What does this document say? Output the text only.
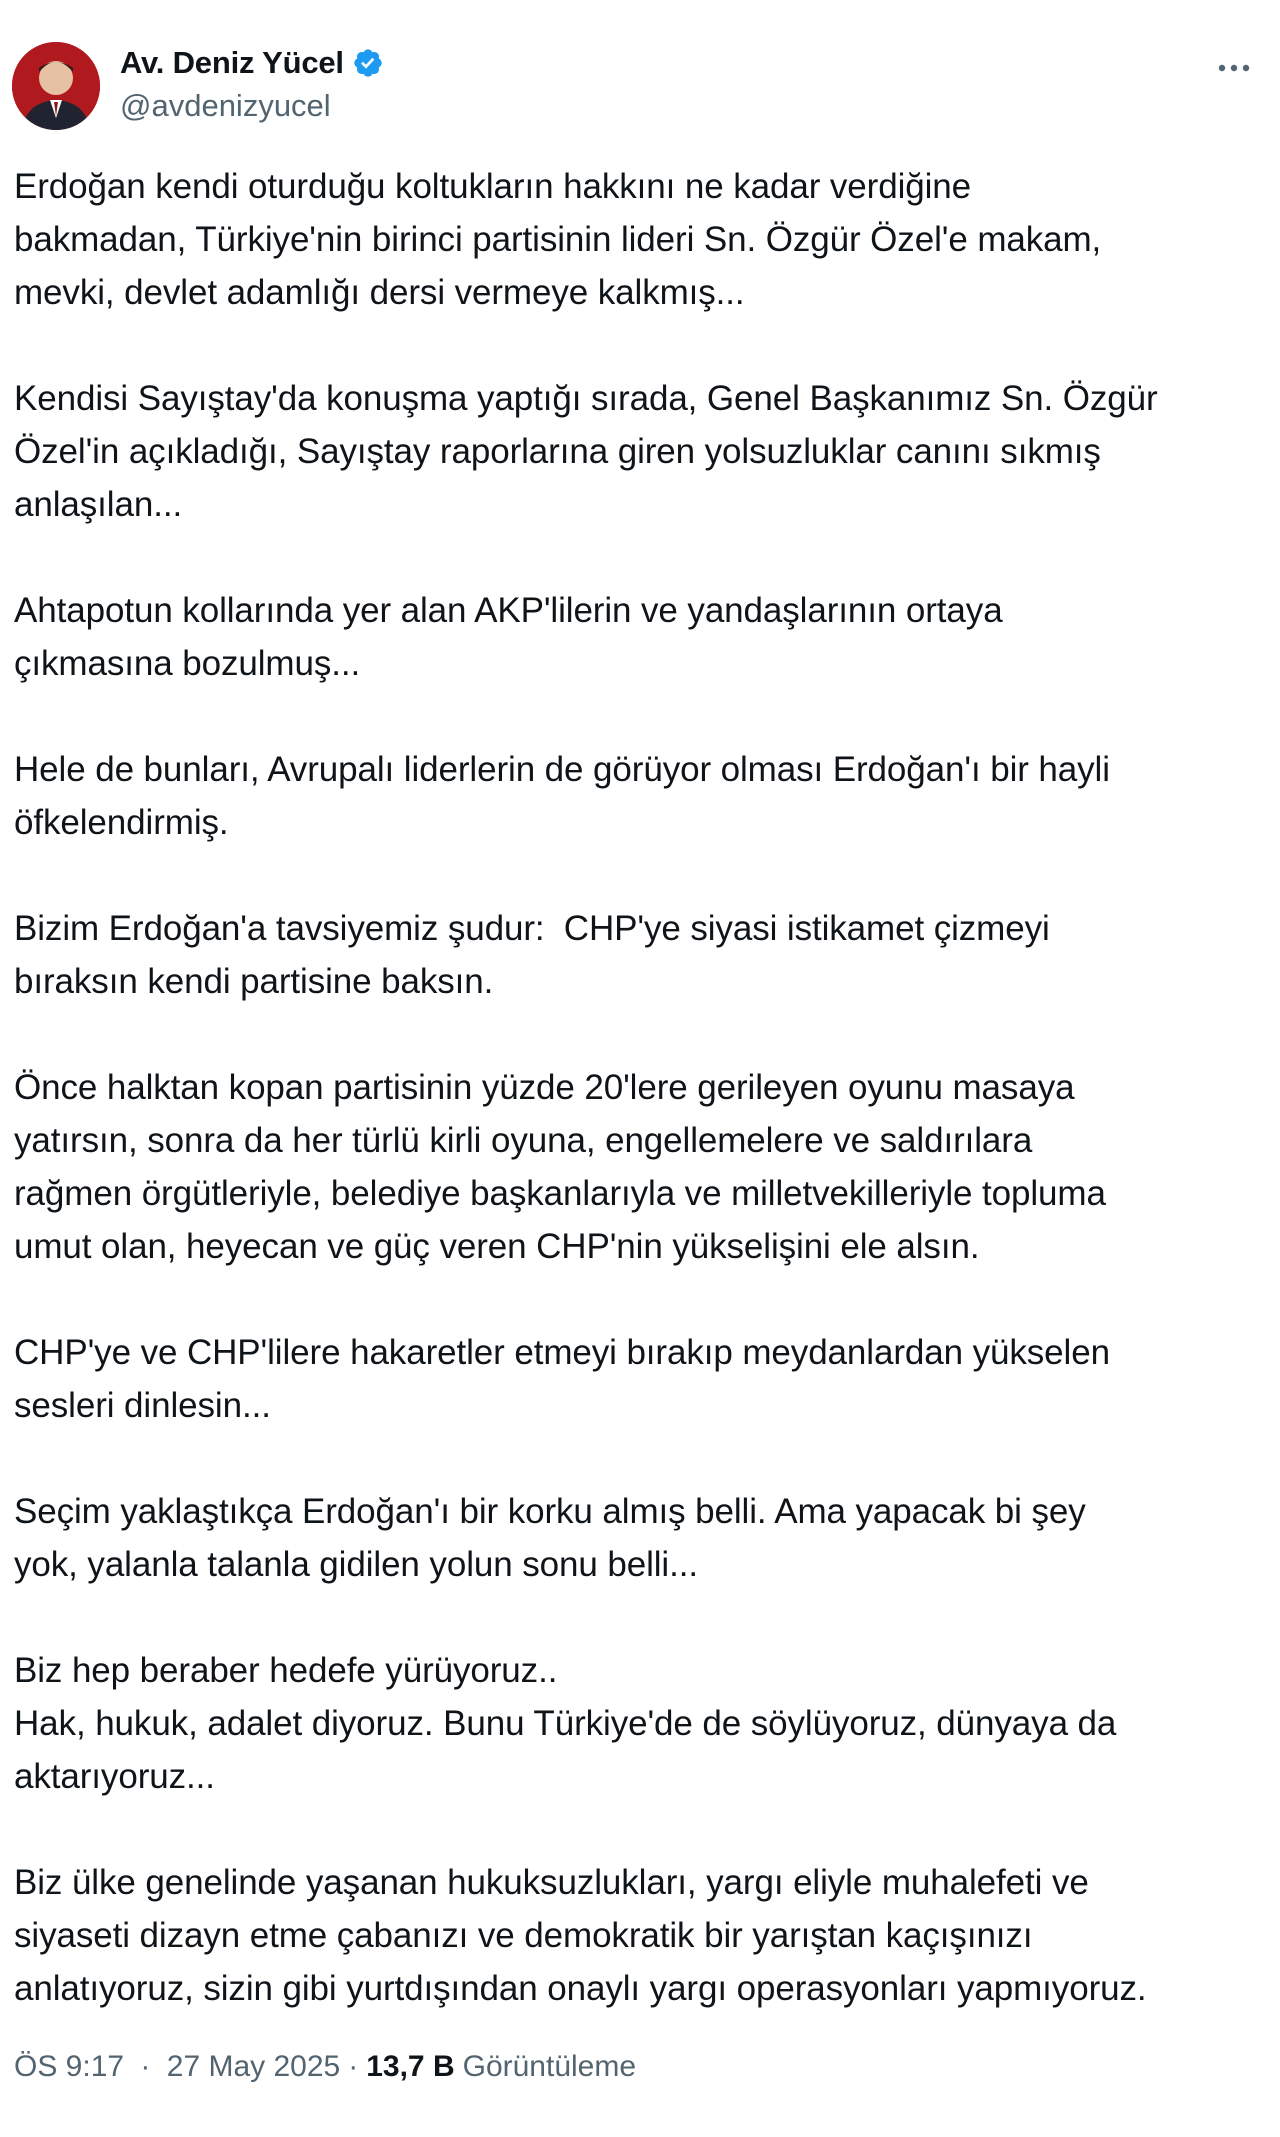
Av. Deniz Yücel
@avdenizyucel

Erdoğan kendi oturduğu koltukların hakkını ne kadar verdiğine
bakmadan, Türkiye'nin birinci partisinin lideri Sn. Özgür Özel'e makam,
mevki, devlet adamlığı dersi vermeye kalkmış...

Kendisi Sayıştay'da konuşma yaptığı sırada, Genel Başkanımız Sn. Özgür
Özel'in açıkladığı, Sayıştay raporlarına giren yolsuzluklar canını sıkmış
anlaşılan...

Ahtapotun kollarında yer alan AKP'lilerin ve yandaşlarının ortaya
çıkmasına bozulmuş...

Hele de bunları, Avrupalı liderlerin de görüyor olması Erdoğan'ı bir hayli
öfkelendirmiş.

Bizim Erdoğan'a tavsiyemiz şudur:  CHP'ye siyasi istikamet çizmeyi
bıraksın kendi partisine baksın.

Önce halktan kopan partisinin yüzde 20'lere gerileyen oyunu masaya
yatırsın, sonra da her türlü kirli oyuna, engellemelere ve saldırılara
rağmen örgütleriyle, belediye başkanlarıyla ve milletvekilleriyle topluma
umut olan, heyecan ve güç veren CHP'nin yükselişini ele alsın.

CHP'ye ve CHP'lilere hakaretler etmeyi bırakıp meydanlardan yükselen
sesleri dinlesin...

Seçim yaklaştıkça Erdoğan'ı bir korku almış belli. Ama yapacak bi şey
yok, yalanla talanla gidilen yolun sonu belli...

Biz hep beraber hedefe yürüyoruz..
Hak, hukuk, adalet diyoruz. Bunu Türkiye'de de söylüyoruz, dünyaya da
aktarıyoruz...

Biz ülke genelinde yaşanan hukuksuzlukları, yargı eliyle muhalefeti ve
siyaseti dizayn etme çabanızı ve demokratik bir yarıştan kaçışınızı
anlatıyoruz, sizin gibi yurtdışından onaylı yargı operasyonları yapmıyoruz.

ÖS 9:17 · 27 May 2025 · 13,7 B Görüntüleme
